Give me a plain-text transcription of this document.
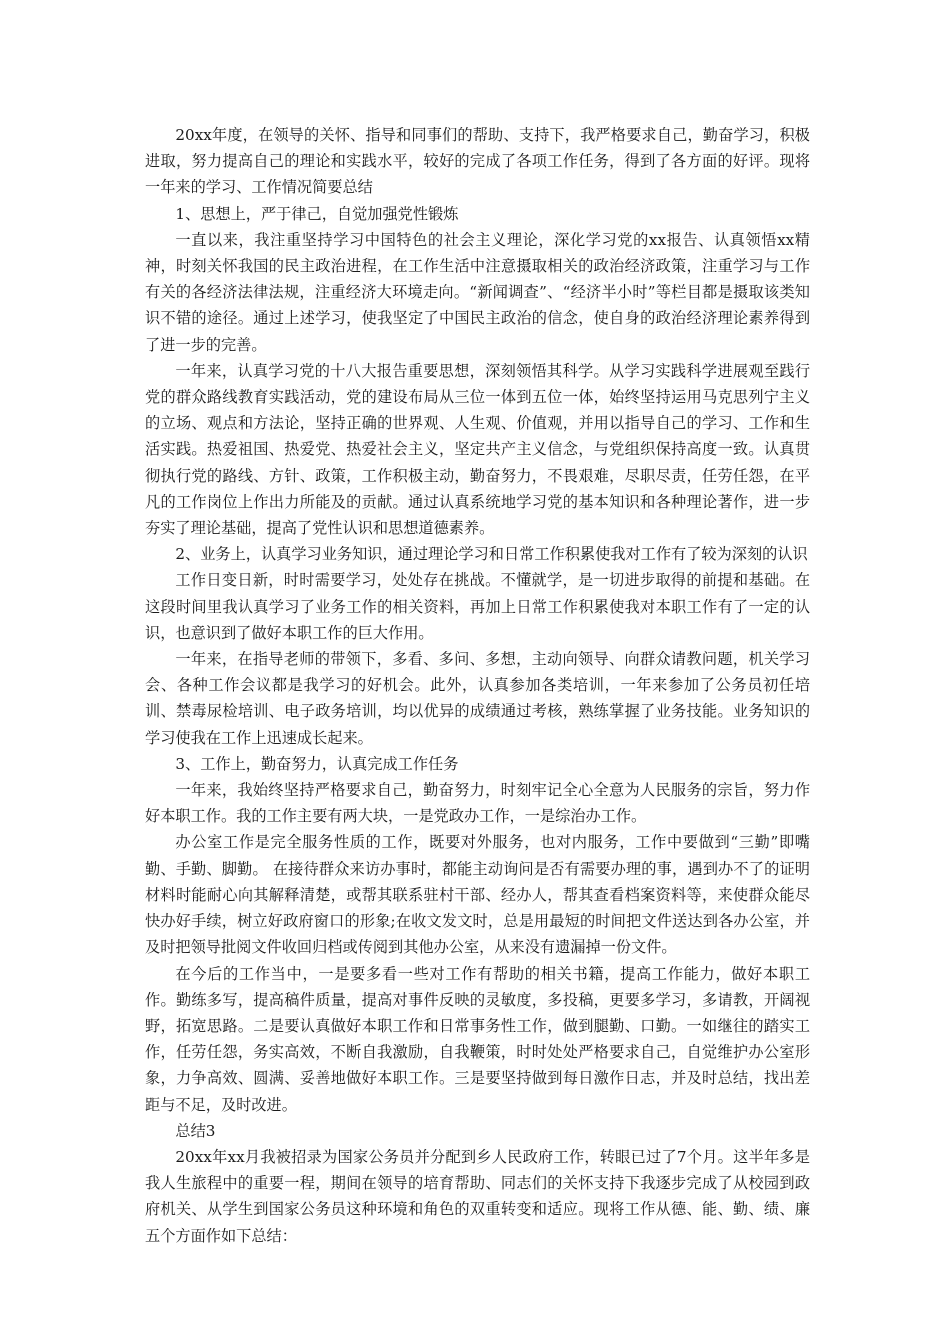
20xx年度，在领导的关怀、指导和同事们的帮助、支持下，我严格要求自己，勤奋学习，积极进取，努力提高自己的理论和实践水平，较好的完成了各项工作任务，得到了各方面的好评。现将一年来的学习、工作情况简要总结

1、思想上，严于律己，自觉加强党性锻炼

一直以来，我注重坚持学习中国特色的社会主义理论，深化学习党的xx报告、认真领悟xx精神，时刻关怀我国的民主政治进程，在工作生活中注意摄取相关的政治经济政策，注重学习与工作有关的各经济法律法规，注重经济大环境走向。“新闻调查”、“经济半小时”等栏目都是摄取该类知识不错的途径。通过上述学习，使我坚定了中国民主政治的信念，使自身的政治经济理论素养得到了进一步的完善。

一年来，认真学习党的十八大报告重要思想，深刻领悟其科学。从学习实践科学进展观至践行党的群众路线教育实践活动，党的建设布局从三位一体到五位一体，始终坚持运用马克思列宁主义的立场、观点和方法论，坚持正确的世界观、人生观、价值观，并用以指导自己的学习、工作和生活实践。热爱祖国、热爱党、热爱社会主义，坚定共产主义信念，与党组织保持高度一致。认真贯彻执行党的路线、方针、政策，工作积极主动，勤奋努力，不畏艰难，尽职尽责，任劳任怨，在平凡的工作岗位上作出力所能及的贡献。通过认真系统地学习党的基本知识和各种理论著作，进一步夯实了理论基础，提高了党性认识和思想道德素养。

2、业务上，认真学习业务知识，通过理论学习和日常工作积累使我对工作有了较为深刻的认识

工作日变日新，时时需要学习，处处存在挑战。不懂就学，是一切进步取得的前提和基础。在这段时间里我认真学习了业务工作的相关资料，再加上日常工作积累使我对本职工作有了一定的认识，也意识到了做好本职工作的巨大作用。

一年来，在指导老师的带领下，多看、多问、多想，主动向领导、向群众请教问题，机关学习会、各种工作会议都是我学习的好机会。此外，认真参加各类培训，一年来参加了公务员初任培训、禁毒尿检培训、电子政务培训，均以优异的成绩通过考核，熟练掌握了业务技能。业务知识的学习使我在工作上迅速成长起来。

3、工作上，勤奋努力，认真完成工作任务

一年来，我始终坚持严格要求自己，勤奋努力，时刻牢记全心全意为人民服务的宗旨，努力作好本职工作。我的工作主要有两大块，一是党政办工作，一是综治办工作。

办公室工作是完全服务性质的工作，既要对外服务，也对内服务，工作中要做到“三勤”即嘴勤、手勤、脚勤。 在接待群众来访办事时，都能主动询问是否有需要办理的事，遇到办不了的证明材料时能耐心向其解释清楚，或帮其联系驻村干部、经办人，帮其查看档案资料等，来使群众能尽快办好手续，树立好政府窗口的形象;在收文发文时，总是用最短的时间把文件送达到各办公室，并及时把领导批阅文件收回归档或传阅到其他办公室，从来没有遗漏掉一份文件。

在今后的工作当中，一是要多看一些对工作有帮助的相关书籍，提高工作能力，做好本职工作。勤练多写，提高稿件质量，提高对事件反映的灵敏度，多投稿，更要多学习，多请教，开阔视野，拓宽思路。二是要认真做好本职工作和日常事务性工作，做到腿勤、口勤。一如继往的踏实工作，任劳任怨，务实高效，不断自我激励，自我鞭策，时时处处严格要求自己，自觉维护办公室形象，力争高效、圆满、妥善地做好本职工作。三是要坚持做到每日激作日志，并及时总结，找出差距与不足，及时改进。

总结3

20xx年xx月我被招录为国家公务员并分配到乡人民政府工作，转眼已过了7个月。这半年多是我人生旅程中的重要一程，期间在领导的培育帮助、同志们的关怀支持下我逐步完成了从校园到政府机关、从学生到国家公务员这种环境和角色的双重转变和适应。现将工作从德、能、勤、绩、廉五个方面作如下总结：
